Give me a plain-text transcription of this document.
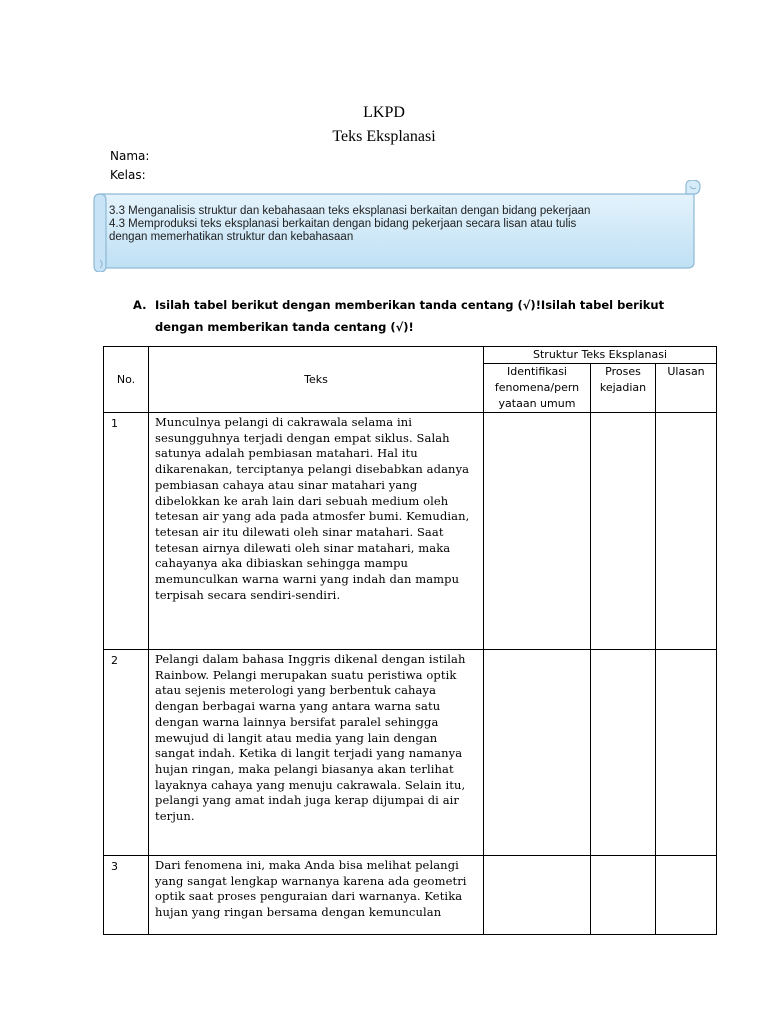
LKPD
Teks Eksplanasi
Nama:
Kelas:
3.3 Menganalisis struktur dan kebahasaan teks eksplanasi berkaitan dengan bidang pekerjaan
4.3 Memproduksi teks eksplanasi berkaitan dengan bidang pekerjaan secara lisan atau tulis
dengan memerhatikan struktur dan kebahasaan
A. Isilah tabel berikut dengan memberikan tanda centang (√)!Isilah tabel berikut dengan memberikan tanda centang (√)!
No.	Teks	Struktur Teks Eksplanasi		
		Identifikasi fenomena/pern yataan umum	Proses kejadian	Ulasan
1	Munculnya pelangi di cakrawala selama ini sesungguhnya terjadi dengan empat siklus. Salah satunya adalah pembiasan matahari. Hal itu dikarenakan, terciptanya pelangi disebabkan adanya pembiasan cahaya atau sinar matahari yang dibelokkan ke arah lain dari sebuah medium oleh tetesan air yang ada pada atmosfer bumi. Kemudian, tetesan air itu dilewati oleh sinar matahari. Saat tetesan airnya dilewati oleh sinar matahari, maka cahayanya aka dibiaskan sehingga mampu memunculkan warna warni yang indah dan mampu terpisah secara sendiri-sendiri.			
2	Pelangi dalam bahasa Inggris dikenal dengan istilah Rainbow. Pelangi merupakan suatu peristiwa optik atau sejenis meterologi yang berbentuk cahaya dengan berbagai warna yang antara warna satu dengan warna lainnya bersifat paralel sehingga mewujud di langit atau media yang lain dengan sangat indah. Ketika di langit terjadi yang namanya hujan ringan, maka pelangi biasanya akan terlihat layaknya cahaya yang menuju cakrawala. Selain itu, pelangi yang amat indah juga kerap dijumpai di air terjun.			
3	Dari fenomena ini, maka Anda bisa melihat pelangi yang sangat lengkap warnanya karena ada geometri optik saat proses penguraian dari warnanya. Ketika hujan yang ringan bersama dengan kemunculan			
